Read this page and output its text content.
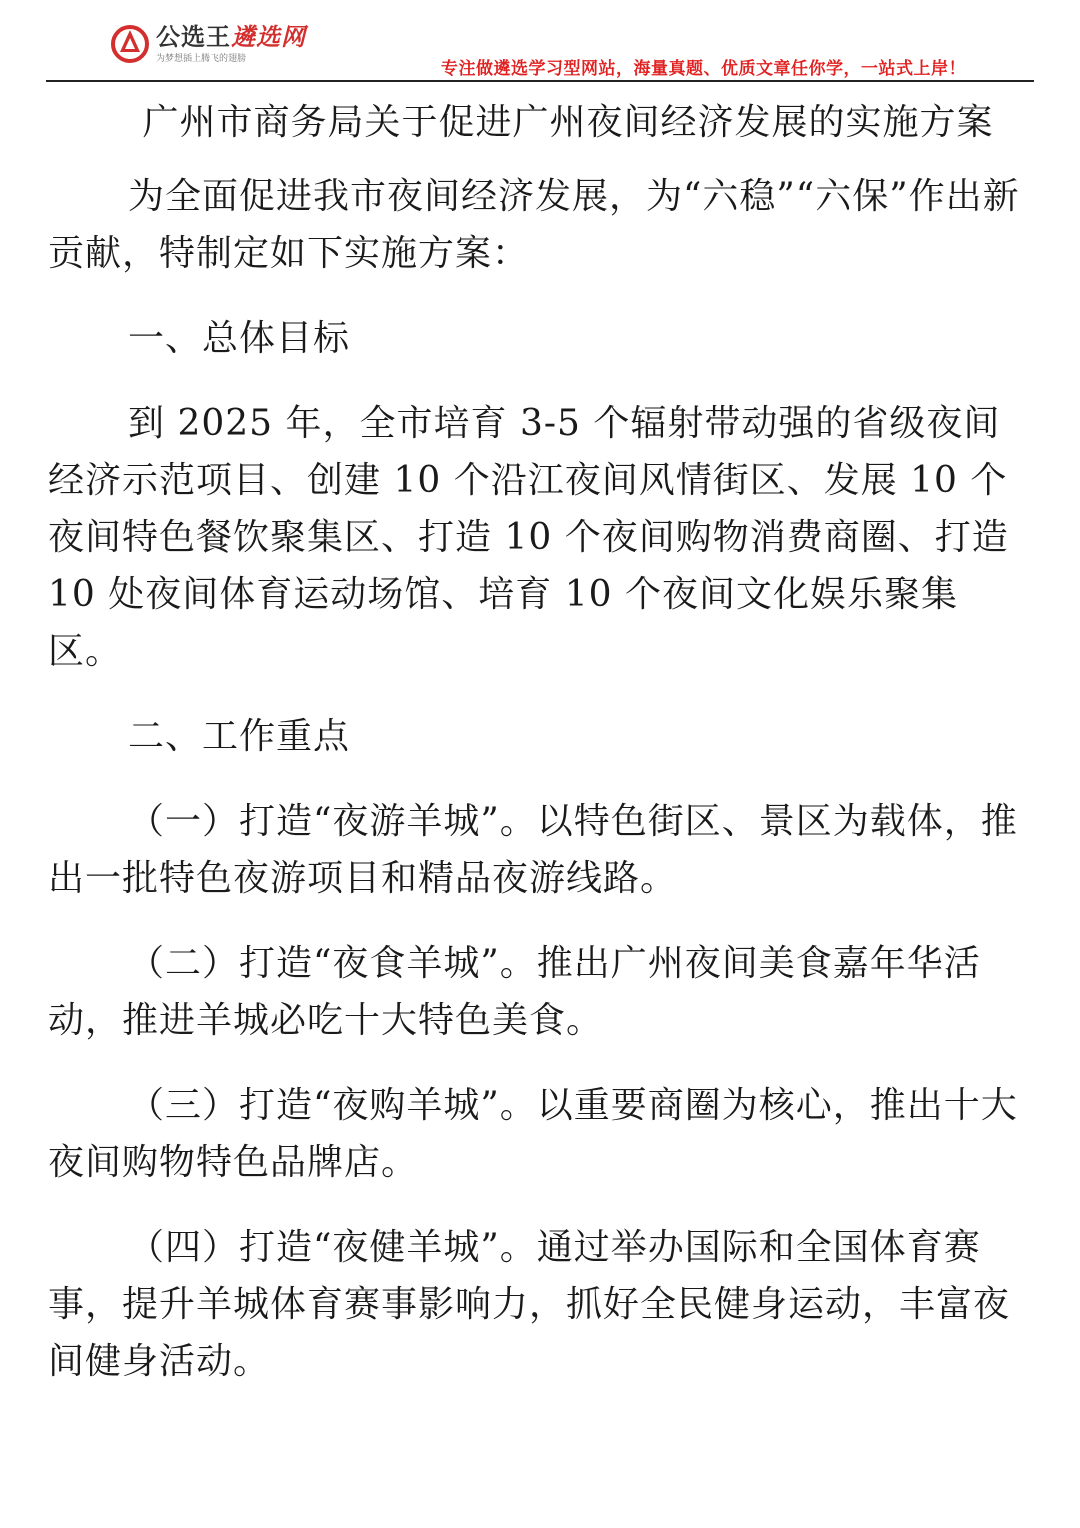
公选王 遴选网
为梦想插上腾飞的翅膀	专注做遴选学习型网站，海量真题、优质文章任你学，一站式上岸！
广州市商务局关于促进广州夜间经济发展的实施方案

为全面促进我市夜间经济发展，为“六稳”“六保”作出新贡献，特制定如下实施方案：

一、总体目标

到 2025 年，全市培育 3-5 个辐射带动强的省级夜间经济示范项目、创建 10 个沿江夜间风情街区、发展 10 个夜间特色餐饮聚集区、打造 10 个夜间购物消费商圈、打造 10 处夜间体育运动场馆、培育 10 个夜间文化娱乐聚集区。

二、工作重点

（一）打造“夜游羊城”。以特色街区、景区为载体，推出一批特色夜游项目和精品夜游线路。

（二）打造“夜食羊城”。推出广州夜间美食嘉年华活动，推进羊城必吃十大特色美食。

（三）打造“夜购羊城”。以重要商圈为核心，推出十大夜间购物特色品牌店。

（四）打造“夜健羊城”。通过举办国际和全国体育赛事，提升羊城体育赛事影响力，抓好全民健身运动，丰富夜间健身活动。
